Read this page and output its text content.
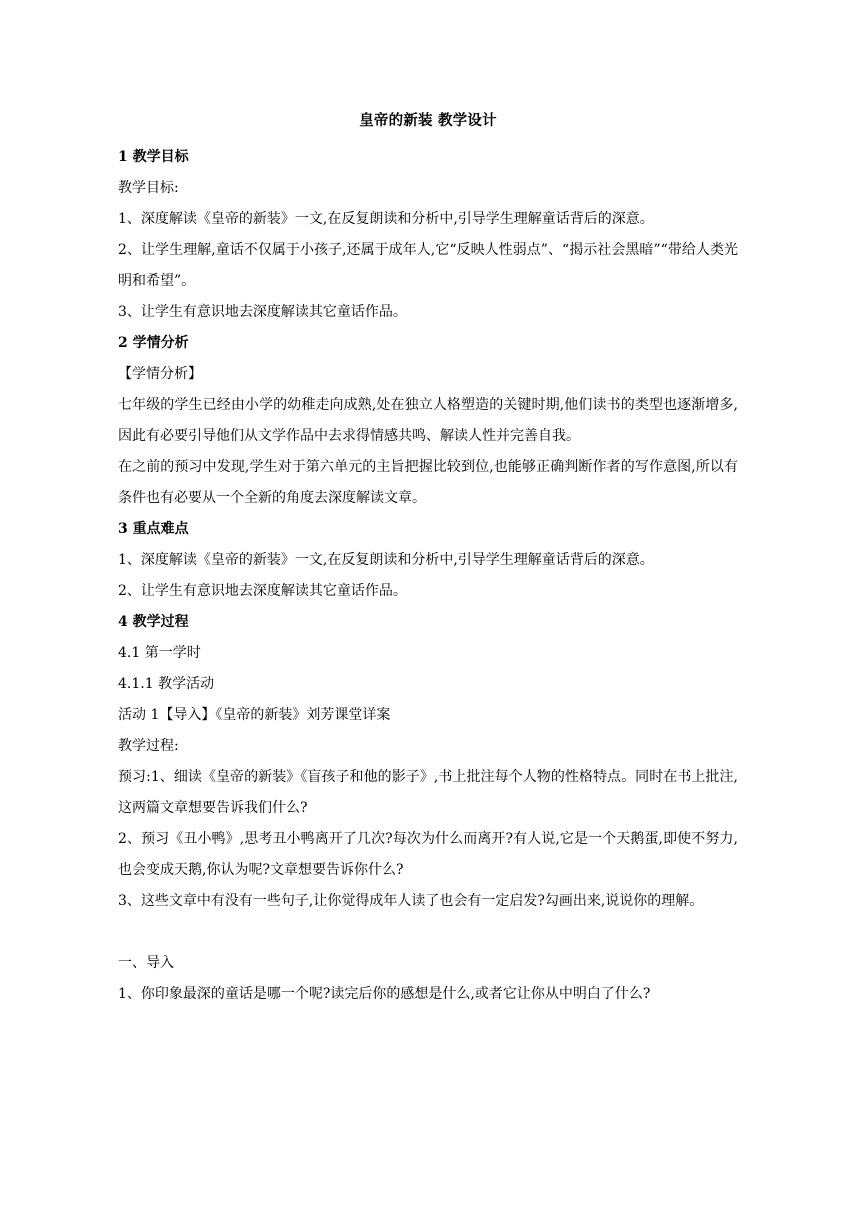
皇帝的新装 教学设计
1 教学目标

教学目标:

1、深度解读《皇帝的新装》一文,在反复朗读和分析中,引导学生理解童话背后的深意。

2、让学生理解,童话不仅属于小孩子,还属于成年人,它“反映人性弱点”、“揭示社会黑暗”“带给人类光明和希望”。

3、让学生有意识地去深度解读其它童话作品。

2 学情分析

【学情分析】

七年级的学生已经由小学的幼稚走向成熟,处在独立人格塑造的关键时期,他们读书的类型也逐渐增多,因此有必要引导他们从文学作品中去求得情感共鸣、解读人性并完善自我。

在之前的预习中发现,学生对于第六单元的主旨把握比较到位,也能够正确判断作者的写作意图,所以有条件也有必要从一个全新的角度去深度解读文章。

3 重点难点

1、深度解读《皇帝的新装》一文,在反复朗读和分析中,引导学生理解童话背后的深意。

2、让学生有意识地去深度解读其它童话作品。

4 教学过程

4.1 第一学时

4.1.1 教学活动

活动 1【导入】《皇帝的新装》刘芳课堂详案

教学过程:

预习:1、细读《皇帝的新装》《盲孩子和他的影子》,书上批注每个人物的性格特点。同时在书上批注,这两篇文章想要告诉我们什么?

2、预习《丑小鸭》,思考丑小鸭离开了几次?每次为什么而离开?有人说,它是一个天鹅蛋,即使不努力,也会变成天鹅,你认为呢?文章想要告诉你什么?

3、这些文章中有没有一些句子,让你觉得成年人读了也会有一定启发?勾画出来,说说你的理解。

一、导入

1、你印象最深的童话是哪一个呢?读完后你的感想是什么,或者它让你从中明白了什么?
